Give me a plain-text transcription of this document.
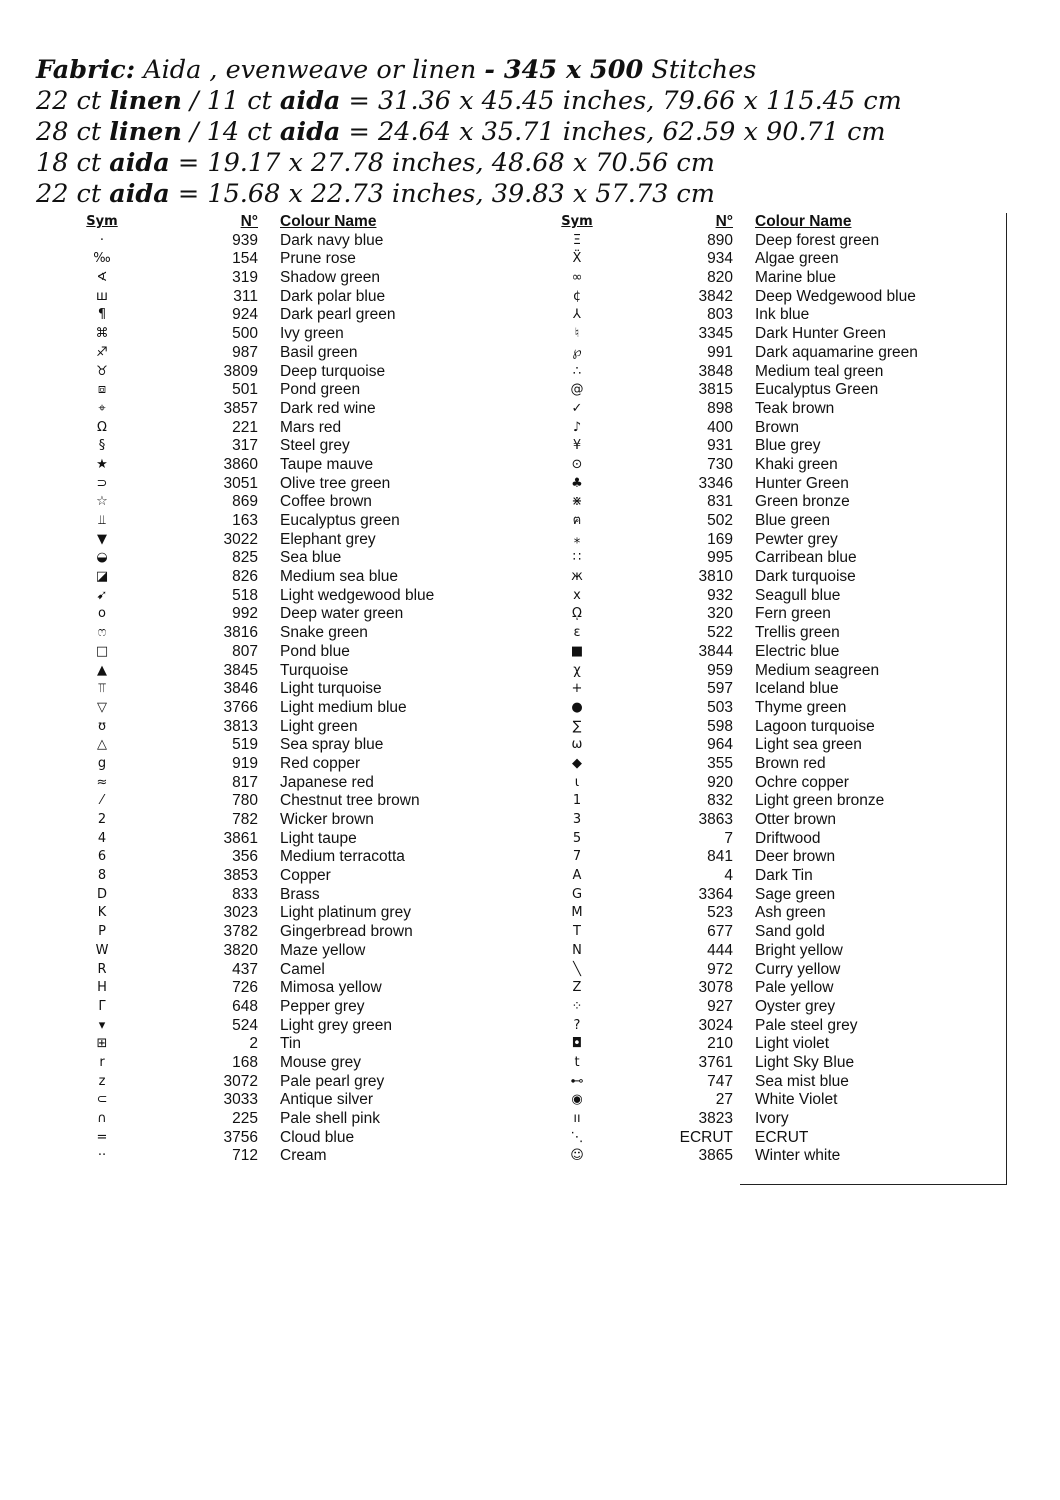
Fabric: Aida , evenweave or linen - 345 x 500 Stitches
22 ct linen / 11 ct aida = 31.36 x 45.45 inches, 79.66 x 115.45 cm
28 ct linen / 14 ct aida = 24.64 x 35.71 inches, 62.59 x 90.71 cm
18 ct aida = 19.17 x 27.78 inches, 48.68 x 70.56 cm
22 ct aida = 15.68 x 22.73 inches, 39.83 x 57.73 cm
Sym	N° Colour Name
·	939 Dark navy blue
‰	154 Prune rose
∢	319 Shadow green
ш	311 Dark polar blue
¶	924 Dark pearl green
⌘	500 Ivy green
♐	987 Basil green
♉	3809 Deep turquoise
⧈	501 Pond green
⌖	3857 Dark red wine
Ω	221 Mars red
§	317 Steel grey
★	3860 Taupe mauve
⊃	3051 Olive tree green
☆	869 Coffee brown
⫫	163 Eucalyptus green
▼	3022 Elephant grey
◒	825 Sea blue
◪	826 Medium sea blue
➹	518 Light wedgewood blue
o	992 Deep water green
ෆ	3816 Snake green
□	807 Pond blue
▲	3845 Turquoise
⫪	3846 Light turquoise
▽	3766 Light medium blue
ʊ	3813 Light green
△	519 Sea spray blue
g	919 Red copper
≈	817 Japanese red
⁄	780 Chestnut tree brown
2	782 Wicker brown
4	3861 Light taupe
6	356 Medium terracotta
8	3853 Copper
D	833 Brass
K	3023 Light platinum grey
P	3782 Gingerbread brown
W	3820 Maze yellow
R	437 Camel
H	726 Mimosa yellow
Γ	648 Pepper grey
▾	524 Light grey green
⊞	2 Tin
r	168 Mouse grey
z	3072 Pale pearl grey
⊂	3033 Antique silver
∩	225 Pale shell pink
=	3756 Cloud blue
··	712 Cream
Sym	N° Colour Name
Ξ	890 Deep forest green
Ẍ	934 Algae green
∞	820 Marine blue
¢	3842 Deep Wedgewood blue
⅄	803 Ink blue
♮	3345 Dark Hunter Green
℘	991 Dark aquamarine green
∴	3848 Medium teal green
@	3815 Eucalyptus Green
✓	898 Teak brown
♪	400 Brown
¥	931 Blue grey
⊙	730 Khaki green
♣	3346 Hunter Green
⋇	831 Green bronze
ฅ	502 Blue green
⁎	169 Pewter grey
∷	995 Carribean blue
ж	3810 Dark turquoise
x	932 Seagull blue
ῼ	320 Fern green
ε	522 Trellis green
■	3844 Electric blue
χ	959 Medium seagreen
+	597 Iceland blue
●	503 Thyme green
∑	598 Lagoon turquoise
ω	964 Light sea green
◆	355 Brown red
ɩ	920 Ochre copper
1	832 Light green bronze
3	3863 Otter brown
5	7 Driftwood
7	841 Deer brown
A	4 Dark Tin
G	3364 Sage green
M	523 Ash green
T	677 Sand gold
N	444 Bright yellow
╲	972 Curry yellow
Z	3078 Pale yellow
⁘	927 Oyster grey
?	3024 Pale steel grey
◘	210 Light violet
t	3761 Light Sky Blue
⊷	747 Sea mist blue
◉	27 White Violet
ıı	3823 Ivory
⋱	ECRUT ECRUT
☺	3865 Winter white
